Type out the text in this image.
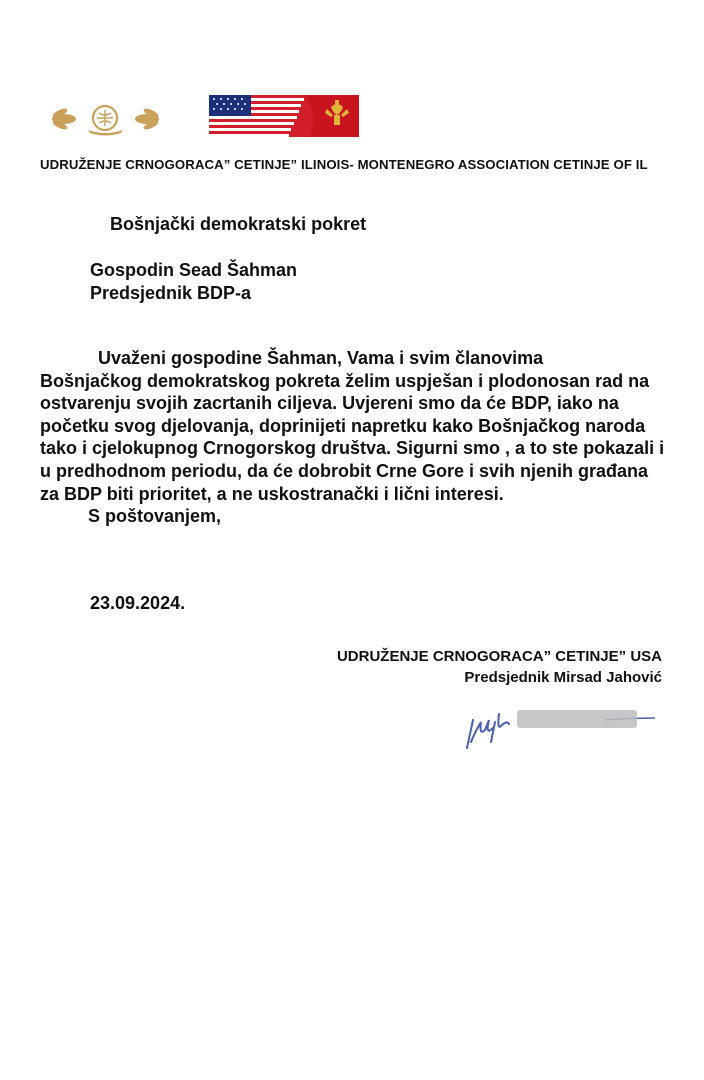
UDRUŽENJE CRNOGORACA” CETINJE” ILINOIS- MONTENEGRO ASSOCIATION CETINJE OF IL
Bošnjački demokratski pokret
Gospodin Sead Šahman
Predsjednik BDP-a

Uvaženi gospodine Šahman, Vama i svim članovima

Bošnjačkog demokratskog pokreta želim uspješan i plodonosan rad na ostvarenju svojih zacrtanih ciljeva. Uvjereni smo da će BDP, iako na početku svog djelovanja, doprinijeti napretku kako Bošnjačkog naroda tako i cjelokupnog Crnogorskog društva. Sigurni smo , a to ste pokazali i u predhodnom periodu, da će dobrobit Crne Gore i svih njenih građana za BDP biti prioritet, a ne uskostranački i lični interesi.

S poštovanjem,

23.09.2024.
UDRUŽENJE CRNOGORACA” CETINJE” USA
Predsjednik Mirsad Jahović
